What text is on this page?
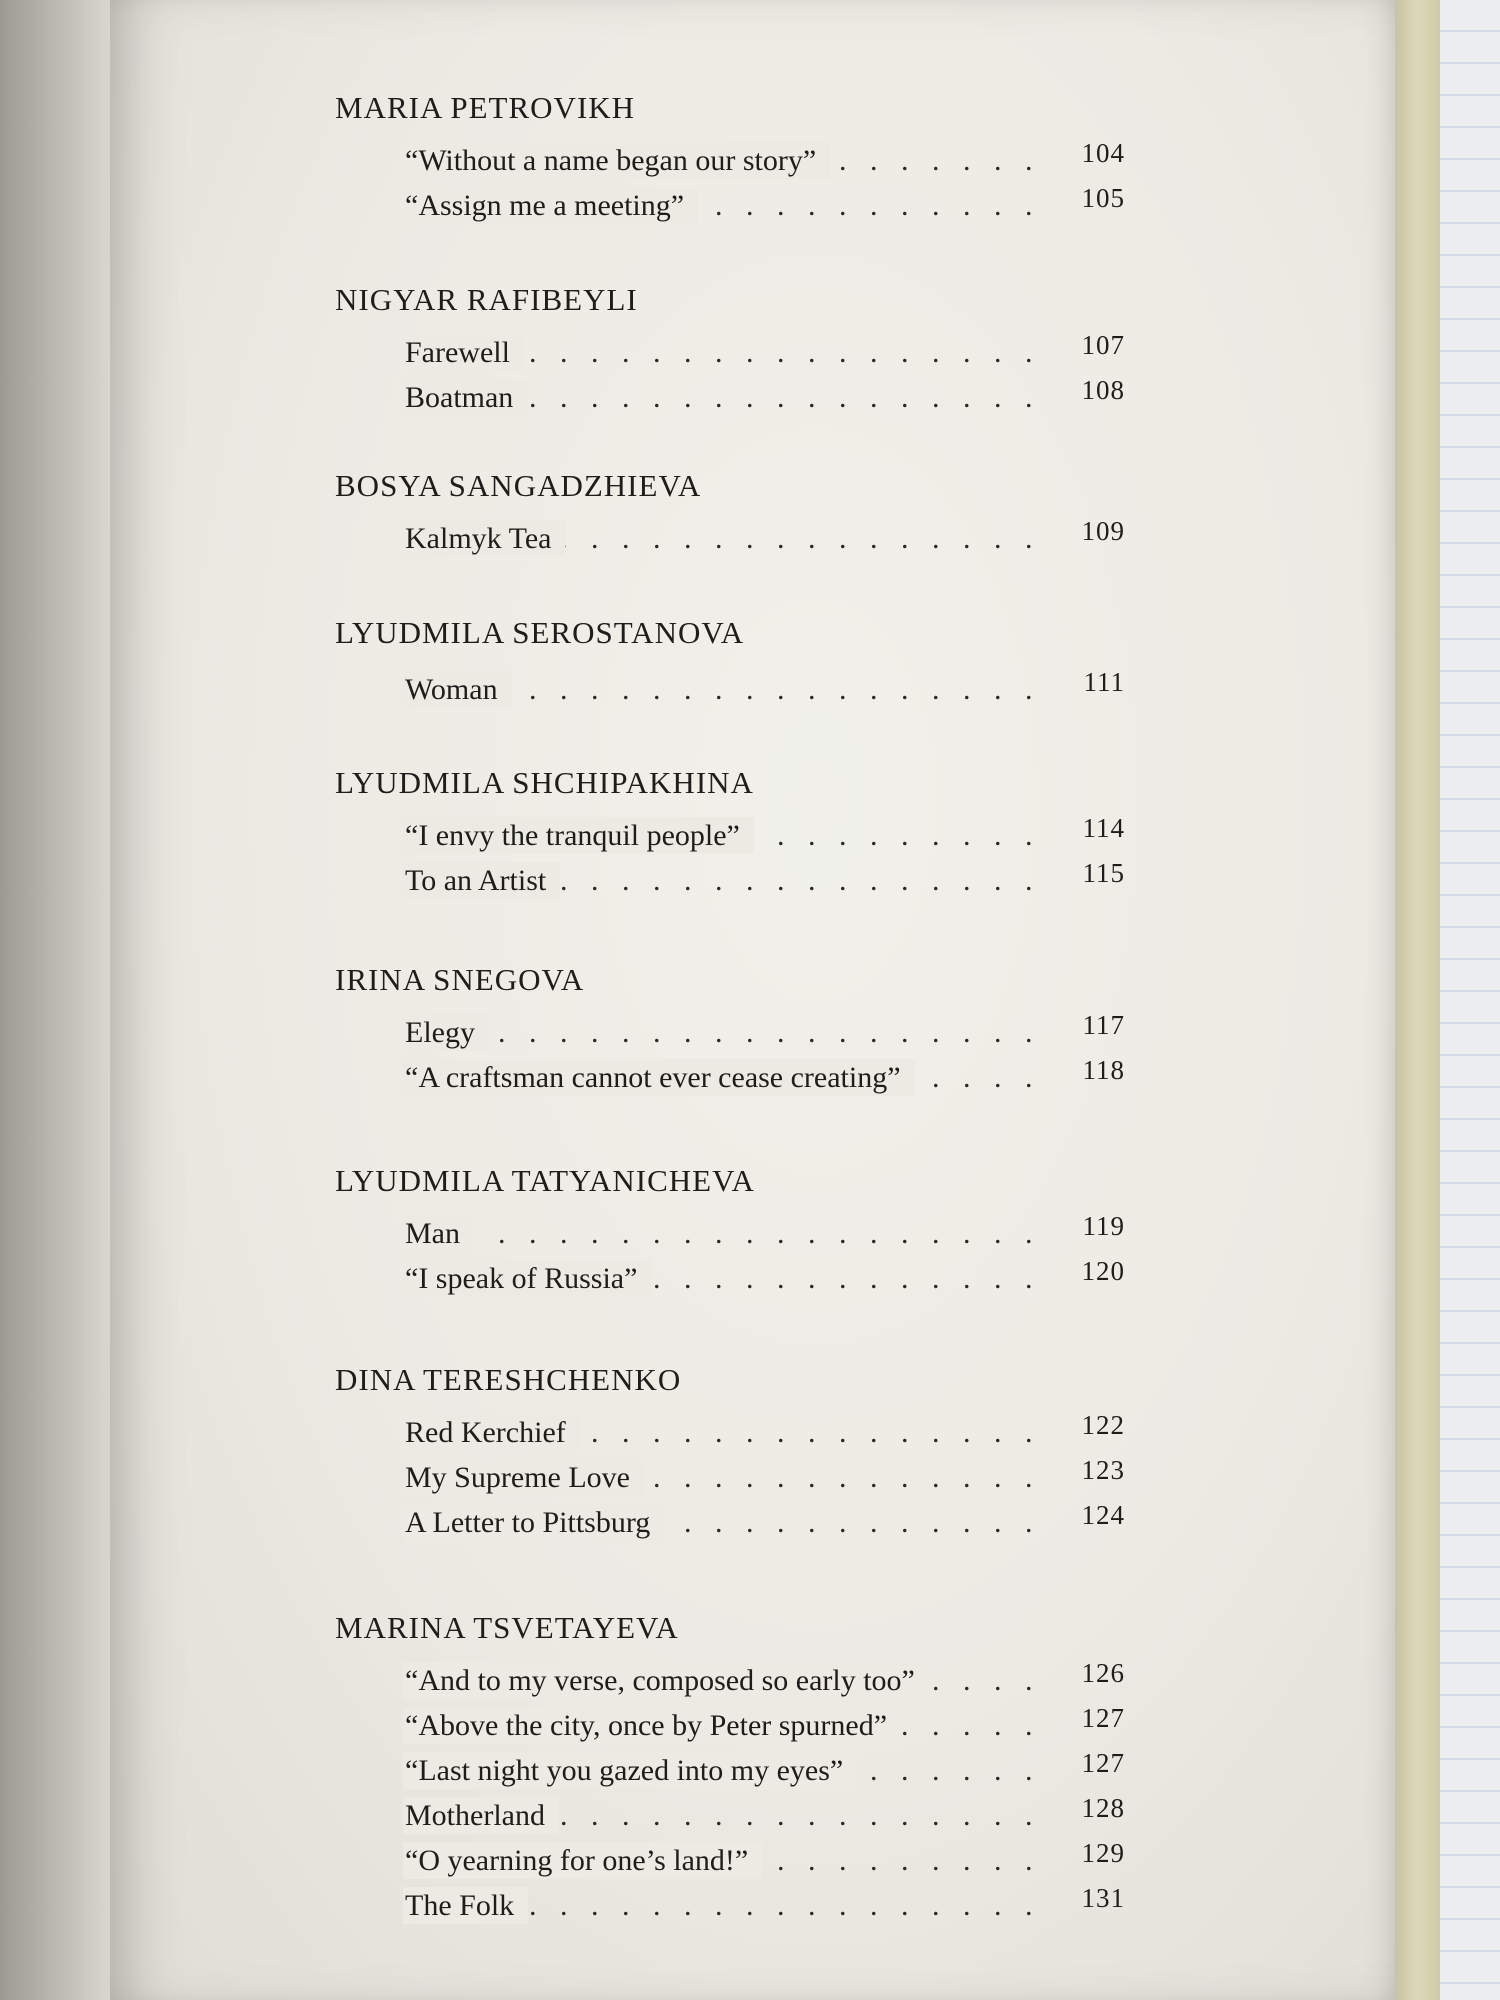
MARIA PETROVIKH
. . .
“Without a name began our story”	104
. . .
“Assign me a meeting”	105
NIGYAR RAFIBEYLI
. . .
Farewell	107
. . .
Boatman	108
BOSYA SANGADZHIEVA
. . .
Kalmyk Tea	109
LYUDMILA SEROSTANOVA
. . .
Woman	111
LYUDMILA SHCHIPAKHINA
. . .
“I envy the tranquil people”	114
. . .
To an Artist	115
IRINA SNEGOVA
. . .
Elegy	117
. . .
“A craftsman cannot ever cease creating”	118
LYUDMILA TATYANICHEVA
. . .
Man	119
. . .
“I speak of Russia”	120
DINA TERESHCHENKO
. . .
Red Kerchief	122
. . .
My Supreme Love	123
. . .
A Letter to Pittsburg	124
MARINA TSVETAYEVA
. . .
“And to my verse, composed so early too”	126
. . .
“Above the city, once by Peter spurned”	127
. . .
“Last night you gazed into my eyes”	127
. . .
Motherland	128
. . .
“O yearning for one’s land!”	129
. . .
The Folk	131
